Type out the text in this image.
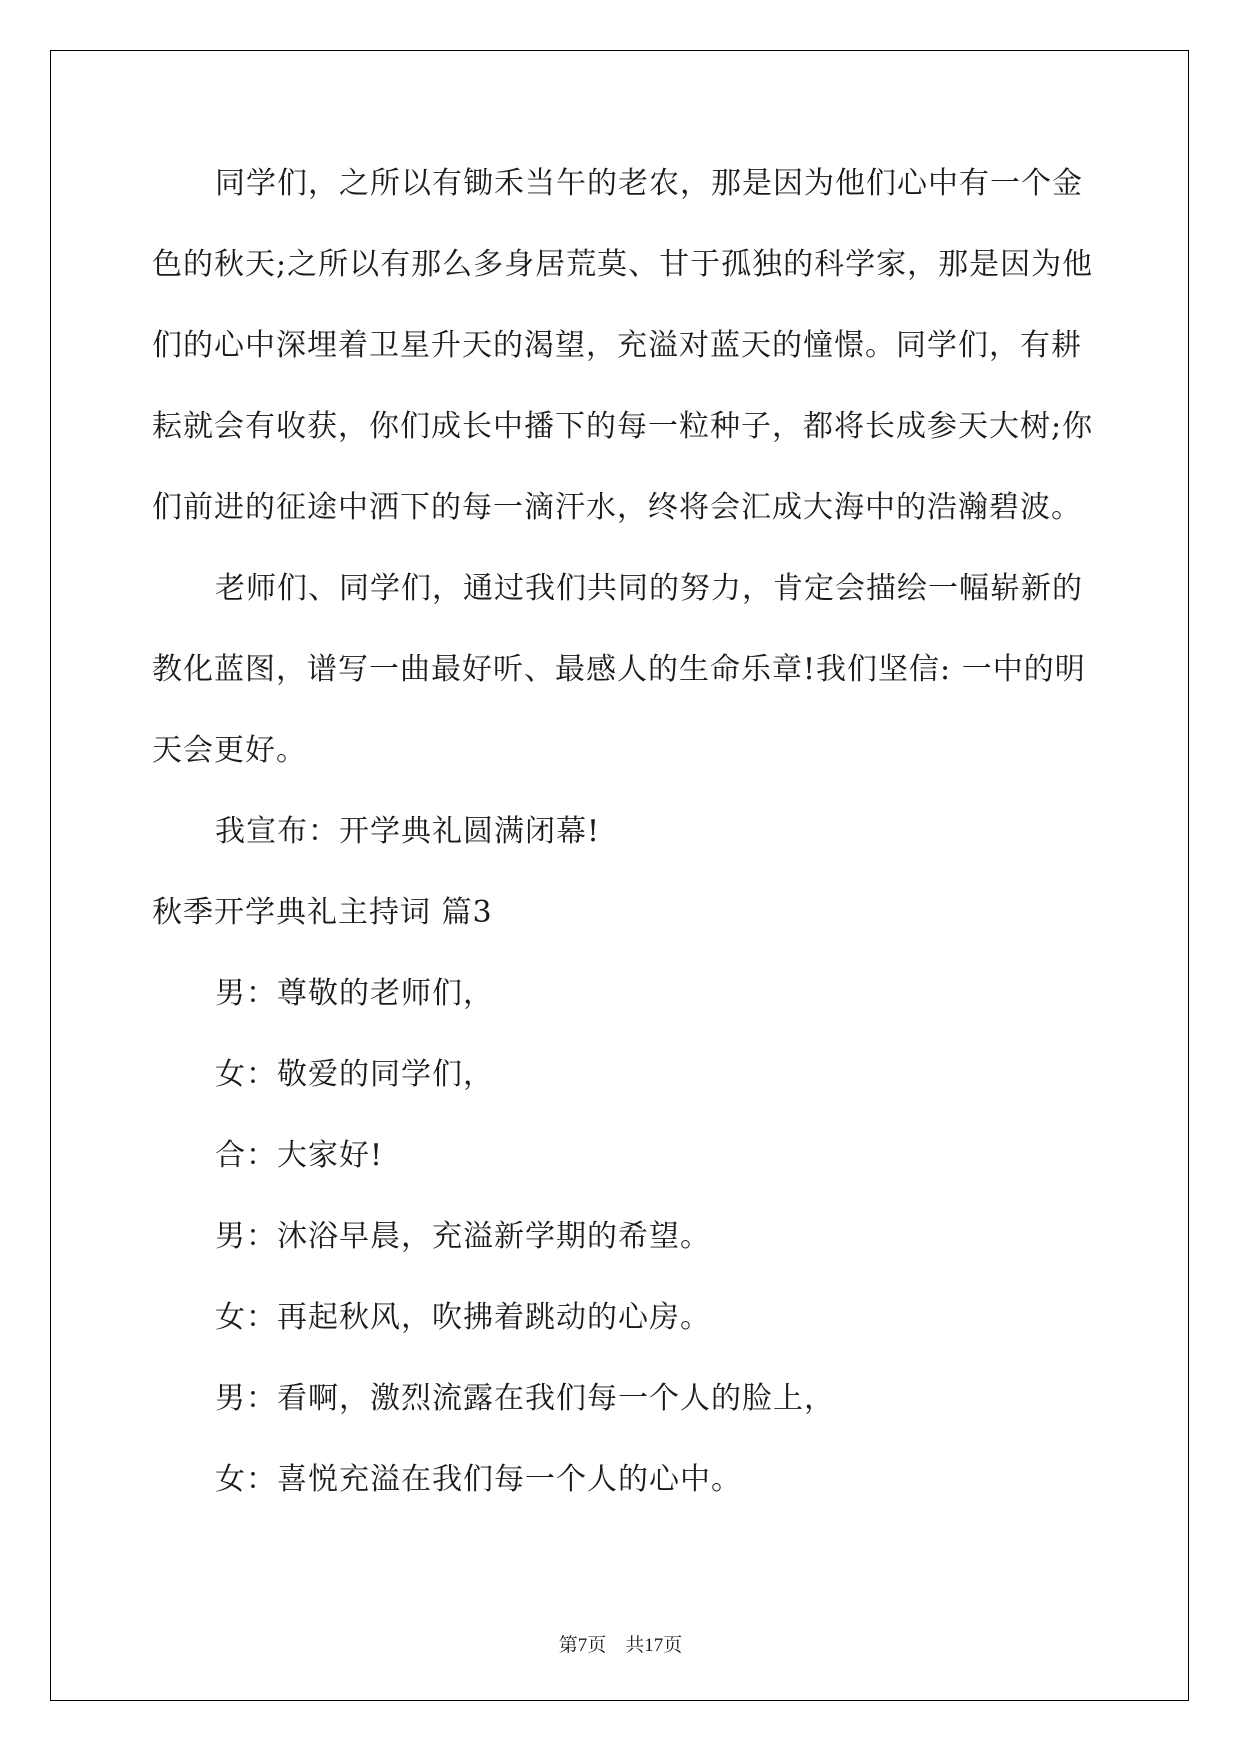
同学们，之所以有锄禾当午的老农，那是因为他们心中有一个金
色的秋天;之所以有那么多身居荒莫、甘于孤独的科学家，那是因为他
们的心中深埋着卫星升天的渴望，充溢对蓝天的憧憬。同学们，有耕
耘就会有收获，你们成长中播下的每一粒种子，都将长成参天大树;你
们前进的征途中洒下的每一滴汗水，终将会汇成大海中的浩瀚碧波。
老师们、同学们，通过我们共同的努力，肯定会描绘一幅崭新的
教化蓝图，谱写一曲最好听、最感人的生命乐章!我们坚信: 一中的明
天会更好。
我宣布：开学典礼圆满闭幕!
秋季开学典礼主持词 篇3
男：尊敬的老师们，
女：敬爱的同学们，
合：大家好!
男：沐浴早晨，充溢新学期的希望。
女：再起秋风，吹拂着跳动的心房。
男：看啊，激烈流露在我们每一个人的脸上，
女：喜悦充溢在我们每一个人的心中。
第7页　共17页
